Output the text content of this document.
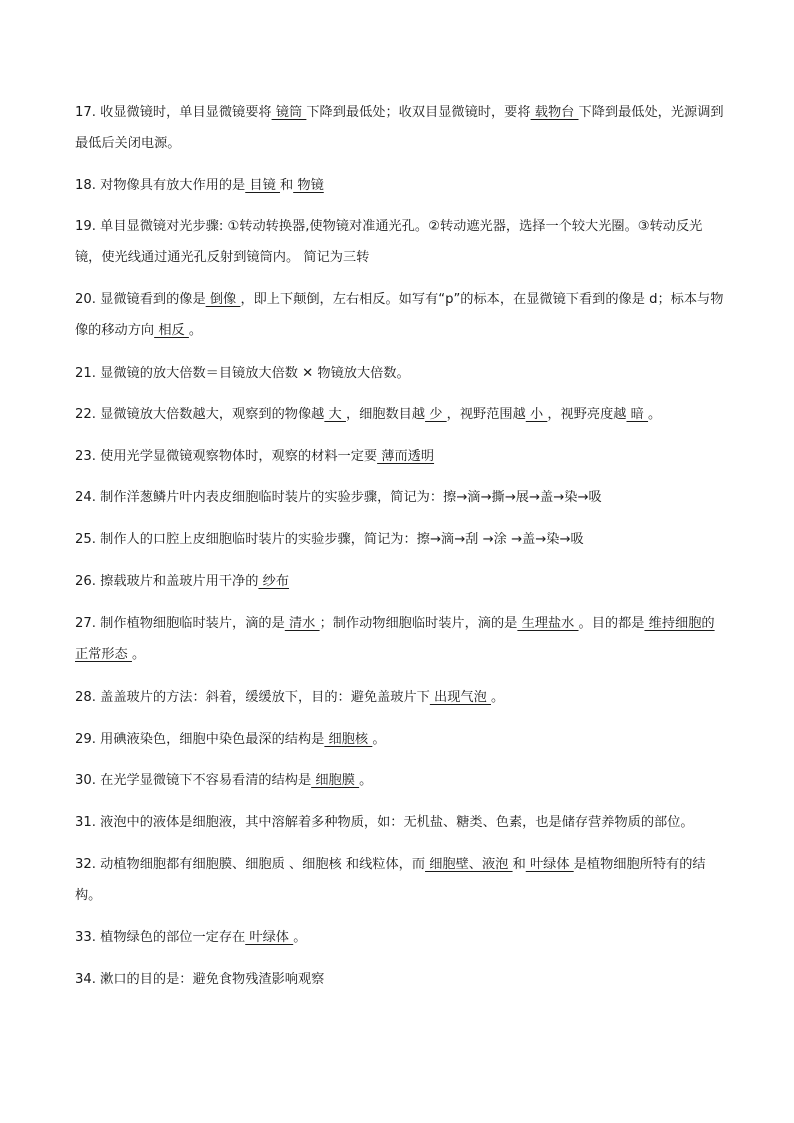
17. 收显微镜时，单目显微镜要将 镜筒 下降到最低处；收双目显微镜时，要将 载物台 下降到最低处，光源调到最低后关闭电源。
18. 对物像具有放大作用的是 目镜 和 物镜
19. 单目显微镜对光步骤: ①转动转换器,使物镜对准通光孔。②转动遮光器，选择一个较大光圈。③转动反光镜，使光线通过通光孔反射到镜筒内。 简记为三转
20. 显微镜看到的像是 倒像 ，即上下颠倒，左右相反。如写有“p”的标本，在显微镜下看到的像是 d；标本与物像的移动方向 相反 。
21. 显微镜的放大倍数＝目镜放大倍数 ✕ 物镜放大倍数。
22. 显微镜放大倍数越大，观察到的物像越 大 ，细胞数目越 少 ，视野范围越 小 ，视野亮度越 暗 。
23. 使用光学显微镜观察物体时，观察的材料一定要 薄而透明
24. 制作洋葱鳞片叶内表皮细胞临时装片的实验步骤，简记为：擦→滴→撕→展→盖→染→吸
25. 制作人的口腔上皮细胞临时装片的实验步骤，简记为：擦→滴→刮 →涂 →盖→染→吸
26. 擦载玻片和盖玻片用干净的 纱布
27. 制作植物细胞临时装片，滴的是 清水 ；制作动物细胞临时装片，滴的是 生理盐水 。目的都是 维持细胞的正常形态 。
28. 盖盖玻片的方法：斜着，缓缓放下，目的：避免盖玻片下 出现气泡 。
29. 用碘液染色，细胞中染色最深的结构是 细胞核 。
30. 在光学显微镜下不容易看清的结构是 细胞膜 。
31. 液泡中的液体是细胞液，其中溶解着多种物质，如：无机盐、糖类、色素，也是储存营养物质的部位。
32. 动植物细胞都有细胞膜、细胞质 、细胞核 和线粒体，而 细胞壁、液泡 和 叶绿体 是植物细胞所特有的结构。
33. 植物绿色的部位一定存在 叶绿体 。
34. 漱口的目的是：避免食物残渣影响观察
